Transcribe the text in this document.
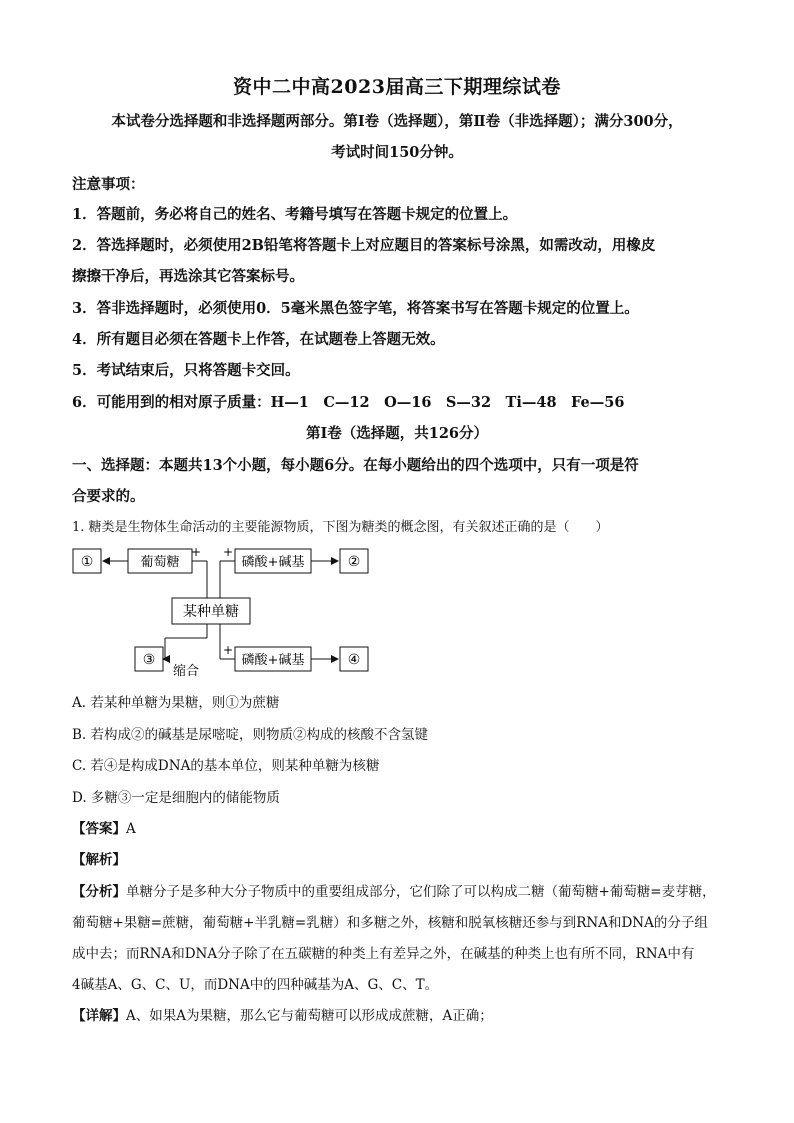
资中二中高2023届高三下期理综试卷
本试卷分选择题和非选择题两部分。第Ⅰ卷（选择题），第Ⅱ卷（非选择题）；满分300分，
考试时间150分钟。
注意事项：
1．答题前，务必将自己的姓名、考籍号填写在答题卡规定的位置上。
2．答选择题时，必须使用2B铅笔将答题卡上对应题目的答案标号涂黑，如需改动，用橡皮
擦擦干净后，再选涂其它答案标号。
3．答非选择题时，必须使用0．5毫米黑色签字笔，将答案书写在答题卡规定的位置上。
4．所有题目必须在答题卡上作答，在试题卷上答题无效。
5．考试结束后，只将答题卡交回。
6．可能用到的相对原子质量：H—1　C—12　O—16　S—32　Ti—48　Fe—56
第Ⅰ卷（选择题，共126分）
一、选择题：本题共13个小题，每小题6分。在每小题给出的四个选项中，只有一项是符
合要求的。
1. 糖类是生物体生命活动的主要能源物质，下图为糖类的概念图，有关叙述正确的是（　　）
①	葡萄糖	磷酸+碱基	②
+ +
某种单糖
缩合
+
③	磷酸+碱基	④
A. 若某种单糖为果糖，则①为蔗糖
B. 若构成②的碱基是尿嘧啶，则物质②构成的核酸不含氢键
C. 若④是构成DNA的基本单位，则某种单糖为核糖
D. 多糖③一定是细胞内的储能物质
【答案】A
【解析】
【分析】单糖分子是多种大分子物质中的重要组成部分，它们除了可以构成二糖（葡萄糖+葡萄糖=麦芽糖，
葡萄糖+果糖=蔗糖，葡萄糖+半乳糖=乳糖）和多糖之外，核糖和脱氧核糖还参与到RNA和DNA的分子组
成中去；而RNA和DNA分子除了在五碳糖的种类上有差异之外，在碱基的种类上也有所不同，RNA中有
4碱基A、G、C、U，而DNA中的四种碱基为A、G、C、T。
【详解】A、如果A为果糖，那么它与葡萄糖可以形成成蔗糖，A正确；
